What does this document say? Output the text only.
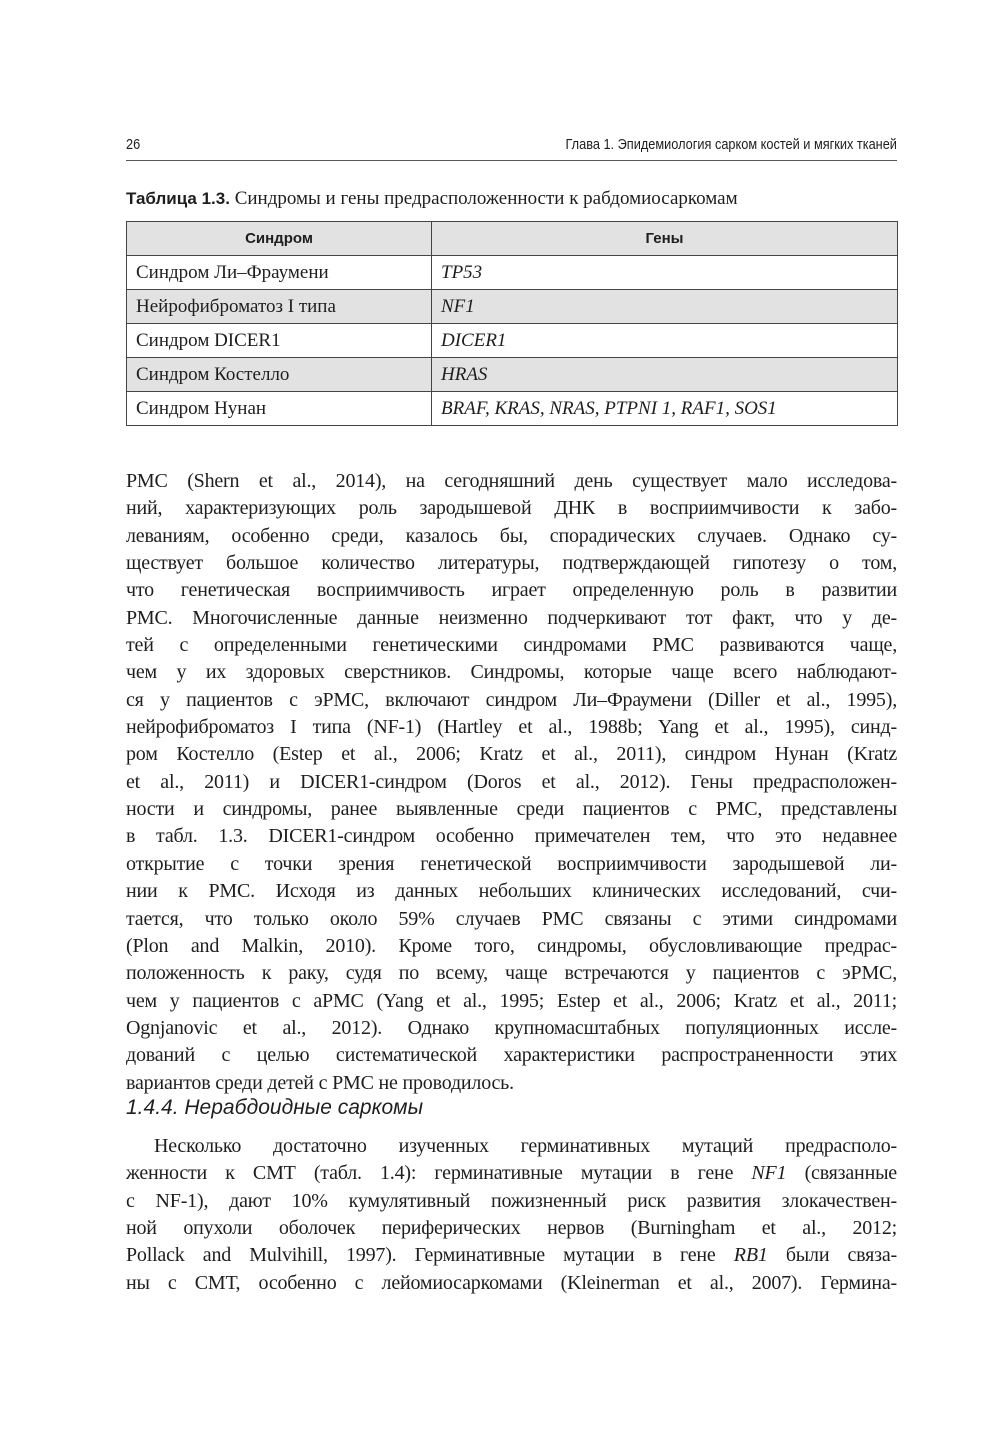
26	Глава 1. Эпидемиология сарком костей и мягких тканей
Таблица 1.3. Синдромы и гены предрасположенности к рабдомиосаркомам
Синдром	Гены
Синдром Ли–Фраумени	TP53
Нейрофиброматоз I типа	NF1
Синдром DICER1	DICER1
Синдром Костелло	HRAS
Синдром Нунан	BRAF, KRAS, NRAS, PTPNI 1, RAF1, SOS1
РМС (Shern et al., 2014), на сегодняшний день существует мало исследова-
ний, характеризующих роль зародышевой ДНК в восприимчивости к забо-
леваниям, особенно среди, казалось бы, спорадических случаев. Однако су-
ществует большое количество литературы, подтверждающей гипотезу о том,
что генетическая восприимчивость играет определенную роль в развитии
РМС. Многочисленные данные неизменно подчеркивают тот факт, что у де-
тей с определенными генетическими синдромами РМС развиваются чаще,
чем у их здоровых сверстников. Синдромы, которые чаще всего наблюдают-
ся у пациентов с эРМС, включают синдром Ли–Фраумени (Diller et al., 1995),
нейрофиброматоз I типа (NF-1) (Hartley et al., 1988b; Yang et al., 1995), синд-
ром Костелло (Estep et al., 2006; Kratz et al., 2011), синдром Нунан (Kratz
et al., 2011) и DICER1-синдром (Doros et al., 2012). Гены предрасположен-
ности и синдромы, ранее выявленные среди пациентов с РМС, представлены
в табл. 1.3. DICER1-синдром особенно примечателен тем, что это недавнее
открытие с точки зрения генетической восприимчивости зародышевой ли-
нии к РМС. Исходя из данных небольших клинических исследований, счи-
тается, что только около 59% случаев РМС связаны с этими синдромами
(Plon and Malkin, 2010). Кроме того, синдромы, обусловливающие предрас-
положенность к раку, судя по всему, чаще встречаются у пациентов с эРМС,
чем у пациентов с аРМС (Yang et al., 1995; Estep et al., 2006; Kratz et al., 2011;
Ognjanovic et al., 2012). Однако крупномасштабных популяционных иссле-
дований с целью систематической характеристики распространенности этих
вариантов среди детей с РМС не проводилось.
1.4.4. Нерабдоидные саркомы
Несколько достаточно изученных герминативных мутаций предрасполо-
женности к СМТ (табл. 1.4): герминативные мутации в гене NF1 (связанные
с NF-1), дают 10% кумулятивный пожизненный риск развития злокачествен-
ной опухоли оболочек периферических нервов (Burningham et al., 2012;
Pollack and Mulvihill, 1997). Герминативные мутации в гене RB1 были связа-
ны с СМТ, особенно с лейомиосаркомами (Kleinerman et al., 2007). Гермина-
